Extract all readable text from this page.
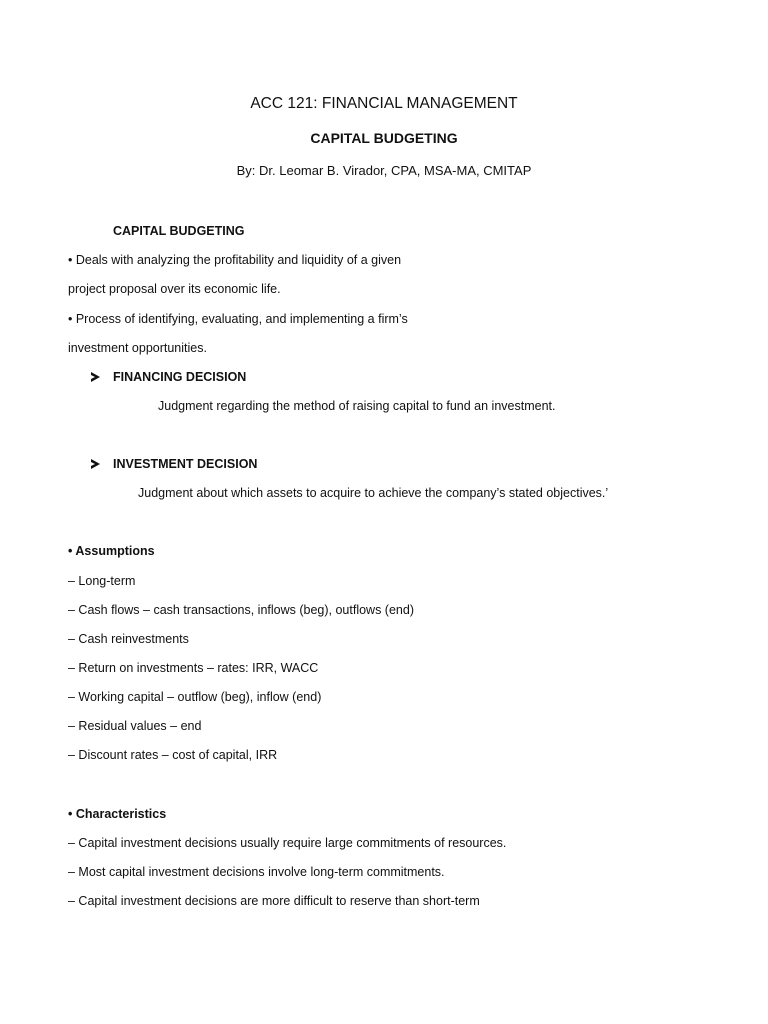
ACC 121: FINANCIAL MANAGEMENT
CAPITAL BUDGETING
By: Dr. Leomar B. Virador, CPA, MSA-MA, CMITAP
CAPITAL BUDGETING
• Deals with analyzing the profitability and liquidity of a given
project proposal over its economic life.
• Process of identifying, evaluating, and implementing a firm’s
investment opportunities.
FINANCING DECISION
Judgment regarding the method of raising capital to fund an investment.
INVESTMENT DECISION
Judgment about which assets to acquire to achieve the company’s stated objectives.’
• Assumptions
– Long-term
– Cash flows – cash transactions, inflows (beg), outflows (end)
– Cash reinvestments
– Return on investments – rates: IRR, WACC
– Working capital – outflow (beg), inflow (end)
– Residual values – end
– Discount rates – cost of capital, IRR
• Characteristics
– Capital investment decisions usually require large commitments of resources.
– Most capital investment decisions involve long-term commitments.
– Capital investment decisions are more difficult to reserve than short-term
